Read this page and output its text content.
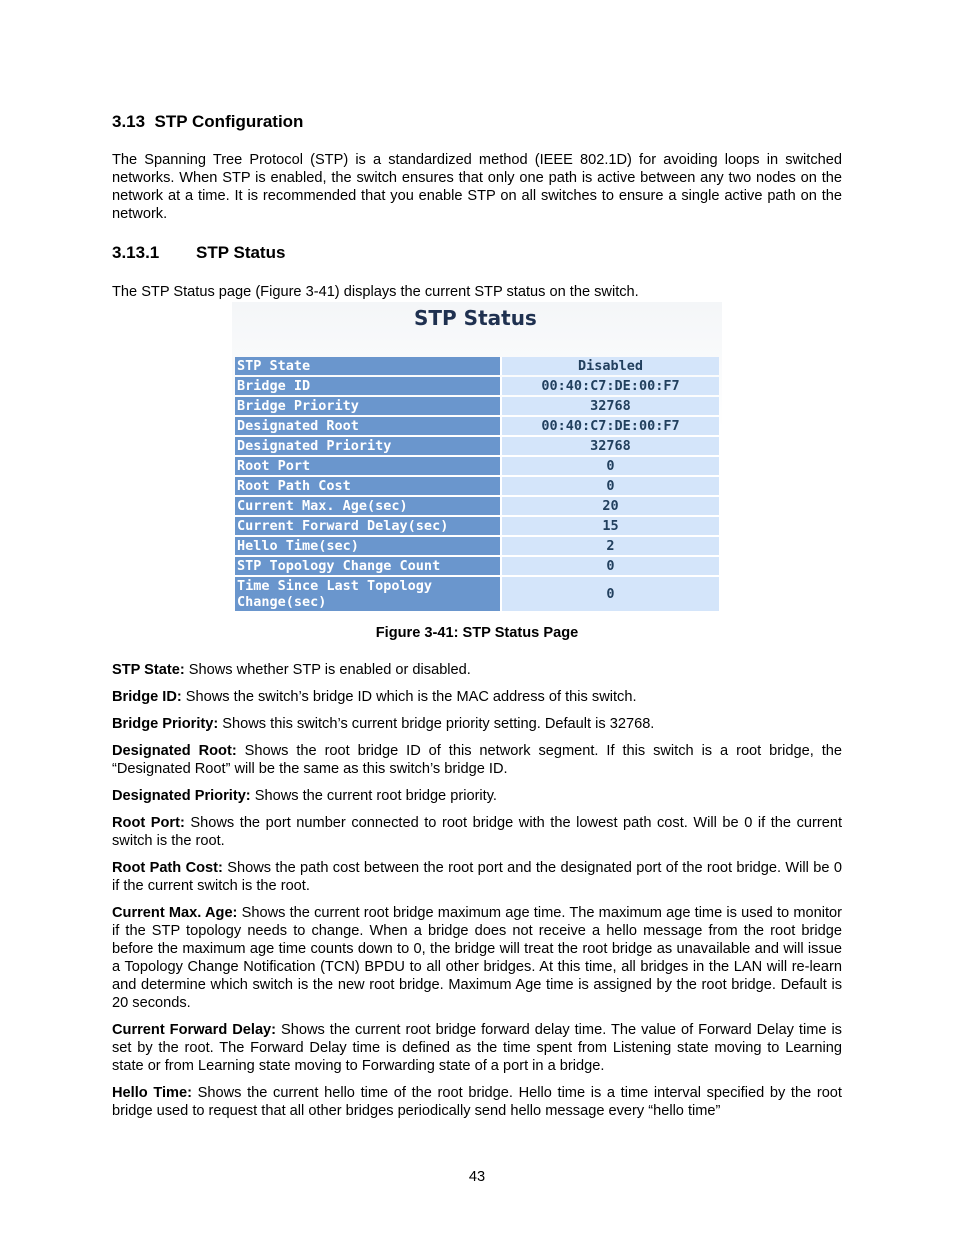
3.13 STP Configuration

The Spanning Tree Protocol (STP) is a standardized method (IEEE 802.1D) for avoiding loops in switched networks. When STP is enabled, the switch ensures that only one path is active between any two nodes on the network at a time. It is recommended that you enable STP on all switches to ensure a single active path on the network.

3.13.1 STP Status

The STP Status page (Figure 3-41) displays the current STP status on the switch.

Figure 3-41: STP Status Page

STP State: Shows whether STP is enabled or disabled.

Bridge ID: Shows the switch’s bridge ID which is the MAC address of this switch.

Bridge Priority: Shows this switch’s current bridge priority setting. Default is 32768.

Designated Root: Shows the root bridge ID of this network segment. If this switch is a root bridge, the “Designated Root” will be the same as this switch’s bridge ID.

Designated Priority: Shows the current root bridge priority.

Root Port: Shows the port number connected to root bridge with the lowest path cost. Will be 0 if the current switch is the root.

Root Path Cost: Shows the path cost between the root port and the designated port of the root bridge. Will be 0 if the current switch is the root.

Current Max. Age: Shows the current root bridge maximum age time. The maximum age time is used to monitor if the STP topology needs to change. When a bridge does not receive a hello message from the root bridge before the maximum age time counts down to 0, the bridge will treat the root bridge as unavailable and will issue a Topology Change Notification (TCN) BPDU to all other bridges. At this time, all bridges in the LAN will re-learn and determine which switch is the new root bridge. Maximum Age time is assigned by the root bridge. Default is 20 seconds.

Current Forward Delay: Shows the current root bridge forward delay time. The value of Forward Delay time is set by the root. The Forward Delay time is defined as the time spent from Listening state moving to Learning state or from Learning state moving to Forwarding state of a port in a bridge.

Hello Time: Shows the current hello time of the root bridge. Hello time is a time interval specified by the root bridge used to request that all other bridges periodically send hello message every “hello time”

43

STP Status
STP State	Disabled
Bridge ID	00:40:C7:DE:00:F7
Bridge Priority	32768
Designated Root	00:40:C7:DE:00:F7
Designated Priority	32768
Root Port	0
Root Path Cost	0
Current Max. Age(sec)	20
Current Forward Delay(sec)	15
Hello Time(sec)	2
STP Topology Change Count	0
Time Since Last Topology Change(sec)	0
